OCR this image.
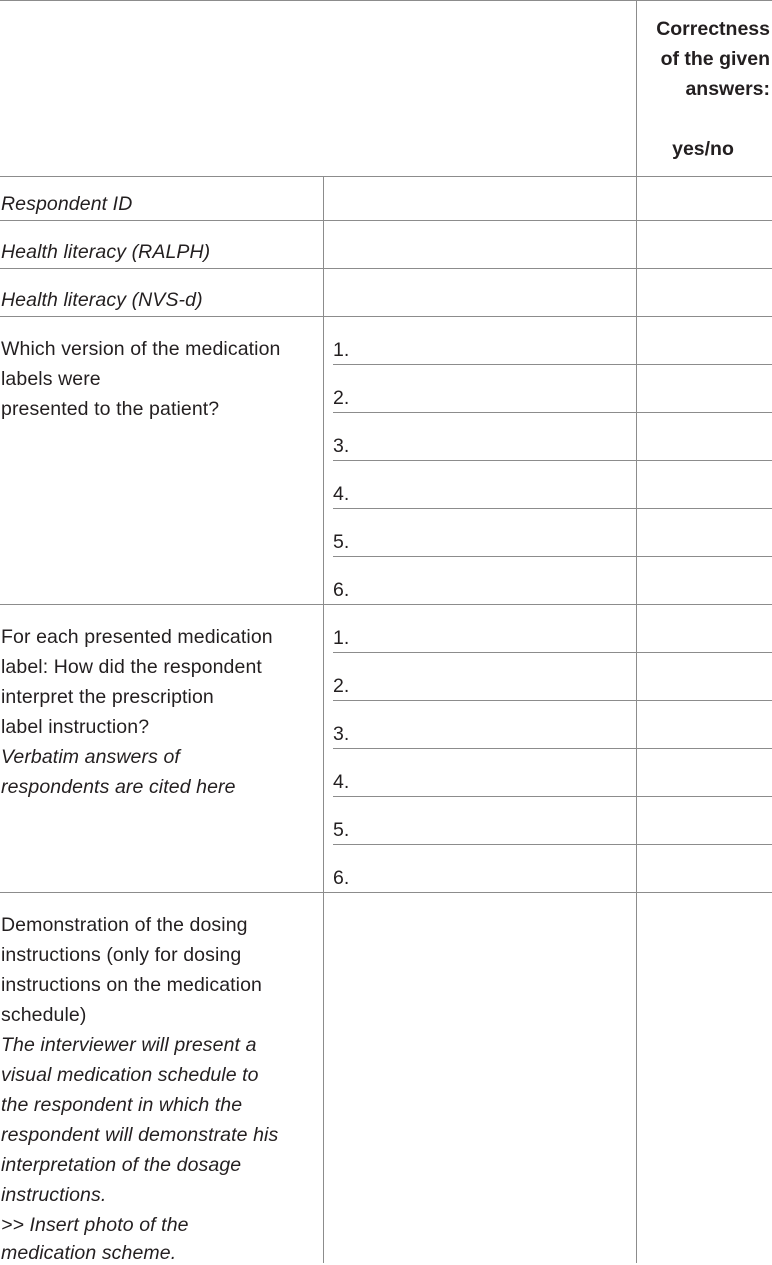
Correctness
of the given
answers:
yes/no
Respondent ID
Health literacy (RALPH)
Health literacy (NVS-d)
Which version of the medication
labels were
presented to the patient?
1.
2.
3.
4.
5.
6.
For each presented medication
label: How did the respondent
interpret the prescription
label instruction?
Verbatim answers of
respondents are cited here
1.
2.
3.
4.
5.
6.
Demonstration of the dosing
instructions (only for dosing
instructions on the medication
schedule)
The interviewer will present a
visual medication schedule to
the respondent in which the
respondent will demonstrate his
interpretation of the dosage
instructions.
>> Insert photo of the
medication scheme.
